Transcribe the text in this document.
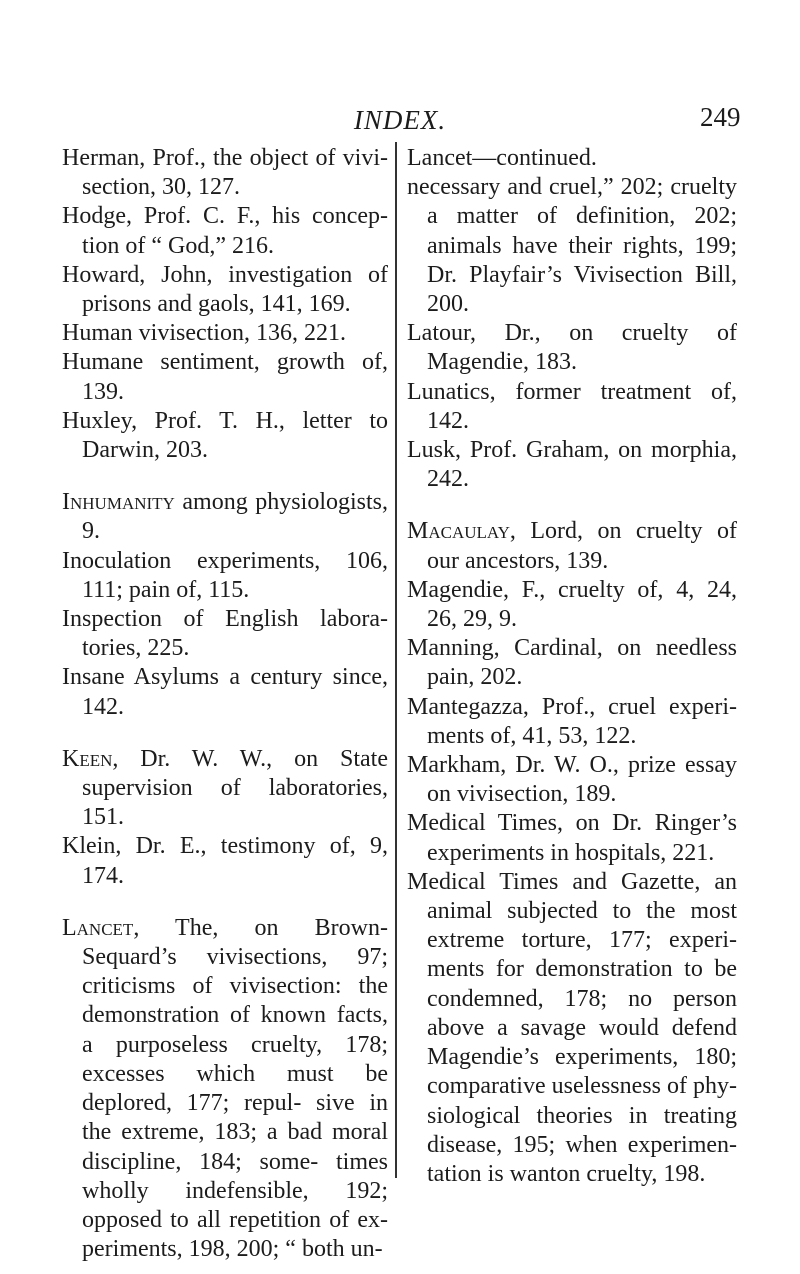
INDEX.	249
Herman, Prof., the object of vivi- section, 30, 127.
Hodge, Prof. C. F., his concep- tion of “ God,” 216.
Howard, John, investigation of prisons and gaols, 141, 169.
Human vivisection, 136, 221.
Humane sentiment, growth of, 139.
Huxley, Prof. T. H., letter to Darwin, 203.
Inhumanity among physiologists, 9.
Inoculation experiments, 106, 111; pain of, 115.
Inspection of English labora- tories, 225.
Insane Asylums a century since, 142.
Keen, Dr. W. W., on State supervision of laboratories, 151.
Klein, Dr. E., testimony of, 9, 174.
Lancet, The, on Brown-Sequard’s vivisections, 97; criticisms of vivisection: the demonstration of known facts, a purposeless cruelty, 178; excesses which must be deplored, 177; repul- sive in the extreme, 183; a bad moral discipline, 184; some- times wholly indefensible, 192; opposed to all repetition of ex- periments, 198, 200; “ both un-
Lancet—continued.
necessary and cruel,” 202; cruelty a matter of definition, 202; animals have their rights, 199; Dr. Playfair’s Vivisection Bill, 200.
Latour, Dr., on cruelty of Magendie, 183.
Lunatics, former treatment of, 142.
Lusk, Prof. Graham, on morphia, 242.
Macaulay, Lord, on cruelty of our ancestors, 139.
Magendie, F., cruelty of, 4, 24, 26, 29, 9.
Manning, Cardinal, on needless pain, 202.
Mantegazza, Prof., cruel experi- ments of, 41, 53, 122.
Markham, Dr. W. O., prize essay on vivisection, 189.
Medical Times, on Dr. Ringer’s experiments in hospitals, 221.
Medical Times and Gazette, an animal subjected to the most extreme torture, 177; experi- ments for demonstration to be condemned, 178; no person above a savage would defend Magendie’s experiments, 180; comparative uselessness of phy- siological theories in treating disease, 195; when experimen- tation is wanton cruelty, 198.
